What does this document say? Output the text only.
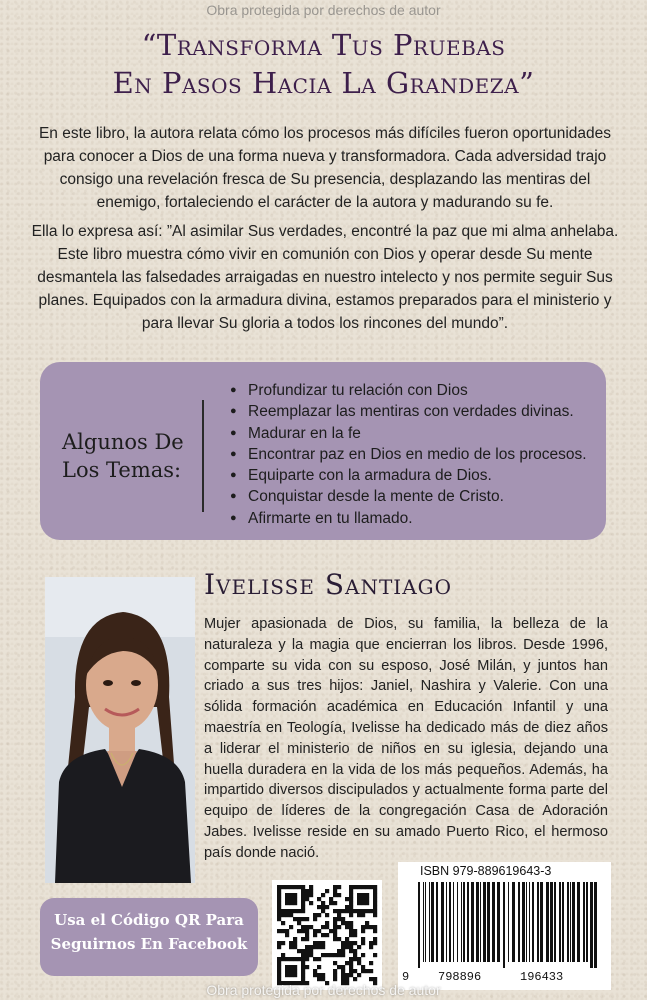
Obra protegida por derechos de autor
“Transforma Tus Pruebas
En Pasos Hacia La Grandeza”
En este libro, la autora relata cómo los procesos más difíciles fueron oportunidades para conocer a Dios de una forma nueva y transformadora. Cada adversidad trajo consigo una revelación fresca de Su presencia, desplazando las mentiras del enemigo, fortaleciendo el carácter de la autora y madurando su fe.
Ella lo expresa así: ”Al asimilar Sus verdades, encontré la paz que mi alma anhelaba. Este libro muestra cómo vivir en comunión con Dios y operar desde Su mente desmantela las falsedades arraigadas en nuestro intelecto y nos permite seguir Sus planes. Equipados con la armadura divina, estamos preparados para el ministerio y para llevar Su gloria a todos los rincones del mundo”.
Algunos De
Los Temas:
● Profundizar tu relación con Dios
● Reemplazar las mentiras con verdades divinas.
● Madurar en la fe
● Encontrar paz en Dios en medio de los procesos.
● Equiparte con la armadura de Dios.
● Conquistar desde la mente de Cristo.
● Afirmarte en tu llamado.
Ivelisse Santiago
Mujer apasionada de Dios, su familia, la belleza de la naturaleza y la magia que encierran los libros. Desde 1996, comparte su vida con su esposo, José Milán, y juntos han criado a sus tres hijos: Janiel, Nashira y Valerie. Con una sólida formación académica en Educación Infantil y una maestría en Teología, Ivelisse ha dedicado más de diez años a liderar el ministerio de niños en su iglesia, dejando una huella duradera en la vida de los más pequeños. Además, ha impartido diversos discipulados y actualmente forma parte del equipo de líderes de la congregación Casa de Adoración Jabes. Ivelisse reside en su amado Puerto Rico, el hermoso país donde nació.
Usa el Código QR Para
Seguirnos En Facebook
ISBN 979-889619643-3
9 798896	196433
Obra protegida por derechos de autor
